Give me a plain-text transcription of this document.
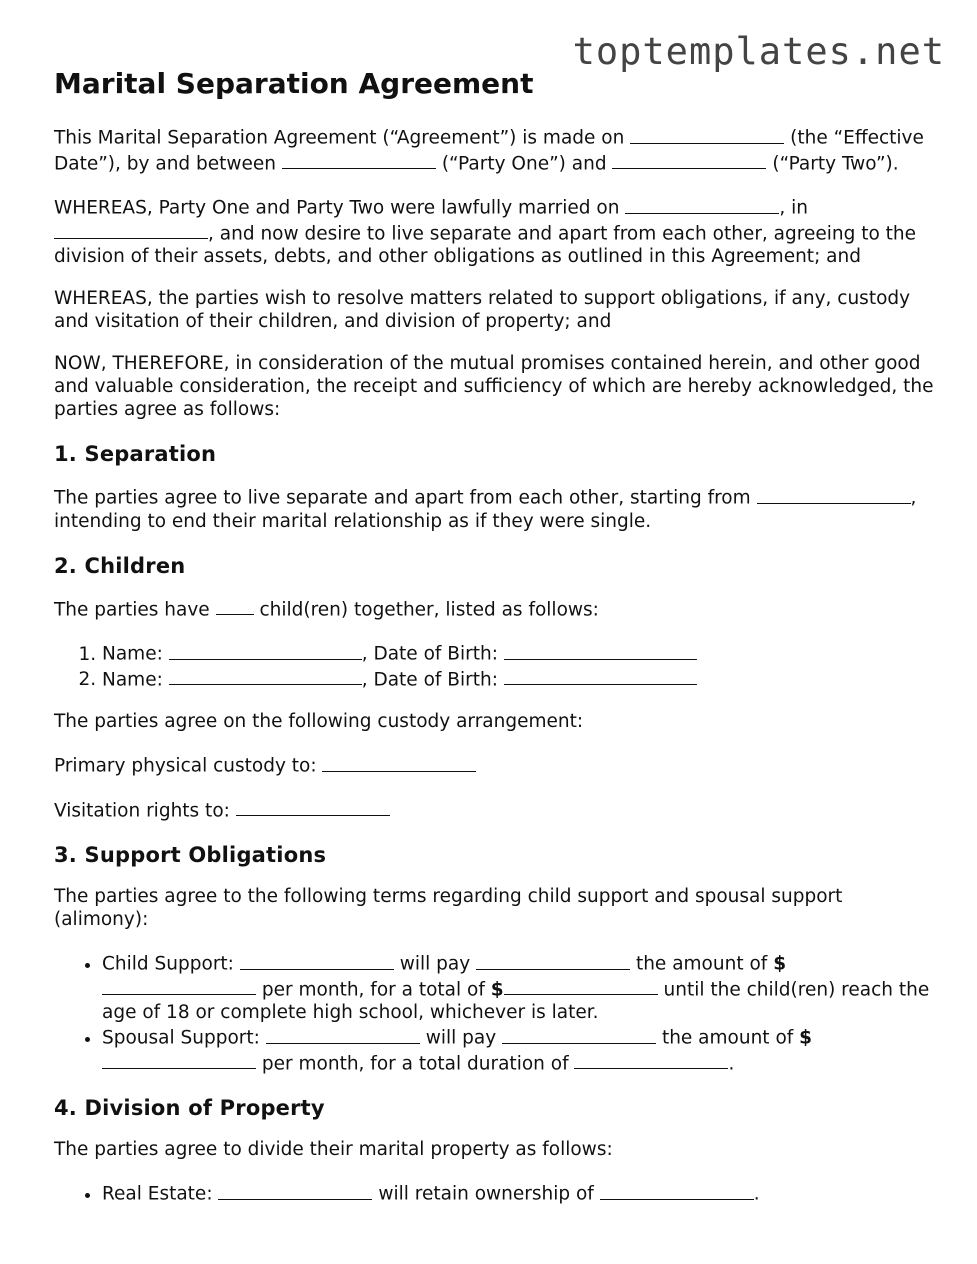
toptemplates.net
Marital Separation Agreement

This Marital Separation Agreement (“Agreement”) is made on	(the “Effective Date”), by and between	(“Party One”) and	(“Party Two”).

WHEREAS, Party One and Party Two were lawfully married on	, in , and now desire to live separate and apart from each other, agreeing to the division of their assets, debts, and other obligations as outlined in this Agreement; and

WHEREAS, the parties wish to resolve matters related to support obligations, if any, custody and visitation of their children, and division of property; and

NOW, THEREFORE, in consideration of the mutual promises contained herein, and other good and valuable consideration, the receipt and sufficiency of which are hereby acknowledged, the parties agree as follows:

1. Separation

The parties agree to live separate and apart from each other, starting from	, intending to end their marital relationship as if they were single.

2. Children

The parties have	child(ren) together, listed as follows:

1. Name:	, Date of Birth:
2. Name:	, Date of Birth:

The parties agree on the following custody arrangement:

Primary physical custody to:

Visitation rights to:

3. Support Obligations

The parties agree to the following terms regarding child support and spousal support (alimony):

• Child Support:	will pay	the amount of $ per month, for a total of $	until the child(ren) reach the age of 18 or complete high school, whichever is later.
• Spousal Support:	will pay	the amount of $ per month, for a total duration of	.
4. Division of Property

The parties agree to divide their marital property as follows:

• Real Estate:	will retain ownership of	.
